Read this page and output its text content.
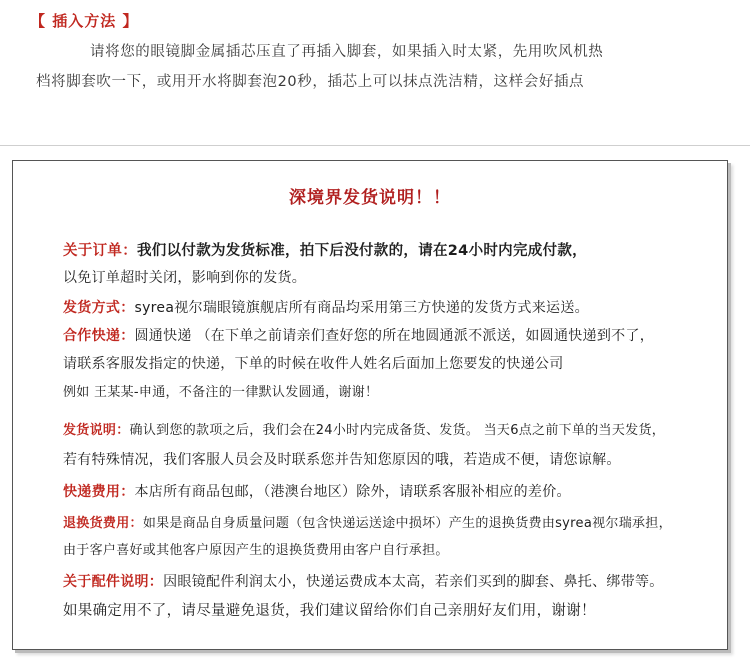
【 插入方法 】
请将您的眼镜脚金属插芯压直了再插入脚套，如果插入时太紧，先用吹风机热
档将脚套吹一下，或用开水将脚套泡20秒，插芯上可以抹点洗洁精，这样会好插点
深境界发货说明！！
关于订单：我们以付款为发货标准，拍下后没付款的，请在24小时内完成付款，
以免订单超时关闭，影响到你的发货。
发货方式：syrea视尔瑞眼镜旗舰店所有商品均采用第三方快递的发货方式来运送。
合作快递：圆通快递 （在下单之前请亲们查好您的所在地圆通派不派送，如圆通快递到不了，
请联系客服发指定的快递，下单的时候在收件人姓名后面加上您要发的快递公司
例如 王某某-申通，不备注的一律默认发圆通，谢谢！
发货说明：确认到您的款项之后，我们会在24小时内完成备货、发货。 当天6点之前下单的当天发货，
若有特殊情况，我们客服人员会及时联系您并告知您原因的哦，若造成不便，请您谅解。
快递费用：本店所有商品包邮，（港澳台地区）除外，请联系客服补相应的差价。
退换货费用：如果是商品自身质量问题（包含快递运送途中损坏）产生的退换货费由syrea视尔瑞承担，
由于客户喜好或其他客户原因产生的退换货费用由客户自行承担。
关于配件说明：因眼镜配件利润太小，快递运费成本太高，若亲们买到的脚套、鼻托、绑带等。
如果确定用不了，请尽量避免退货，我们建议留给你们自己亲朋好友们用，谢谢！
